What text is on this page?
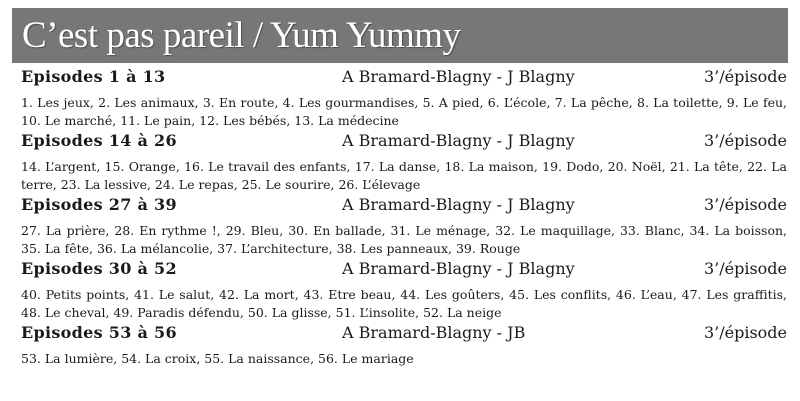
C’est pas pareil / Yum Yummy
Episodes 1 à 13	A Bramard-Blagny - J Blagny	3’/épisode

1. Les jeux, 2. Les animaux, 3. En route, 4. Les gourmandises, 5. A pied, 6. L’école, 7. La pêche, 8. La toilette, 9. Le feu, 10. Le marché, 11. Le pain, 12. Les bébés, 13. La médecine

Episodes 14 à 26	A Bramard-Blagny - J Blagny	3’/épisode

14. L’argent, 15. Orange, 16. Le travail des enfants, 17. La danse, 18. La maison, 19. Dodo, 20. Noël, 21. La tête, 22. La terre, 23. La lessive, 24. Le repas, 25. Le sourire, 26. L’élevage

Episodes 27 à 39	A Bramard-Blagny - J Blagny	3’/épisode

27. La prière, 28. En rythme !, 29. Bleu, 30. En ballade, 31. Le ménage, 32. Le maquillage, 33. Blanc, 34. La boisson, 35. La fête, 36. La mélancolie, 37. L’architecture, 38. Les panneaux, 39. Rouge

Episodes 30 à 52	A Bramard-Blagny - J Blagny	3’/épisode

40. Petits points, 41. Le salut, 42. La mort, 43. Etre beau, 44. Les goûters, 45. Les conflits, 46. L’eau, 47. Les graffitis, 48. Le cheval, 49. Paradis défendu, 50. La glisse, 51. L’insolite, 52. La neige

Episodes 53 à 56	A Bramard-Blagny - JB	3’/épisode

53. La lumière, 54. La croix, 55. La naissance, 56. Le mariage
